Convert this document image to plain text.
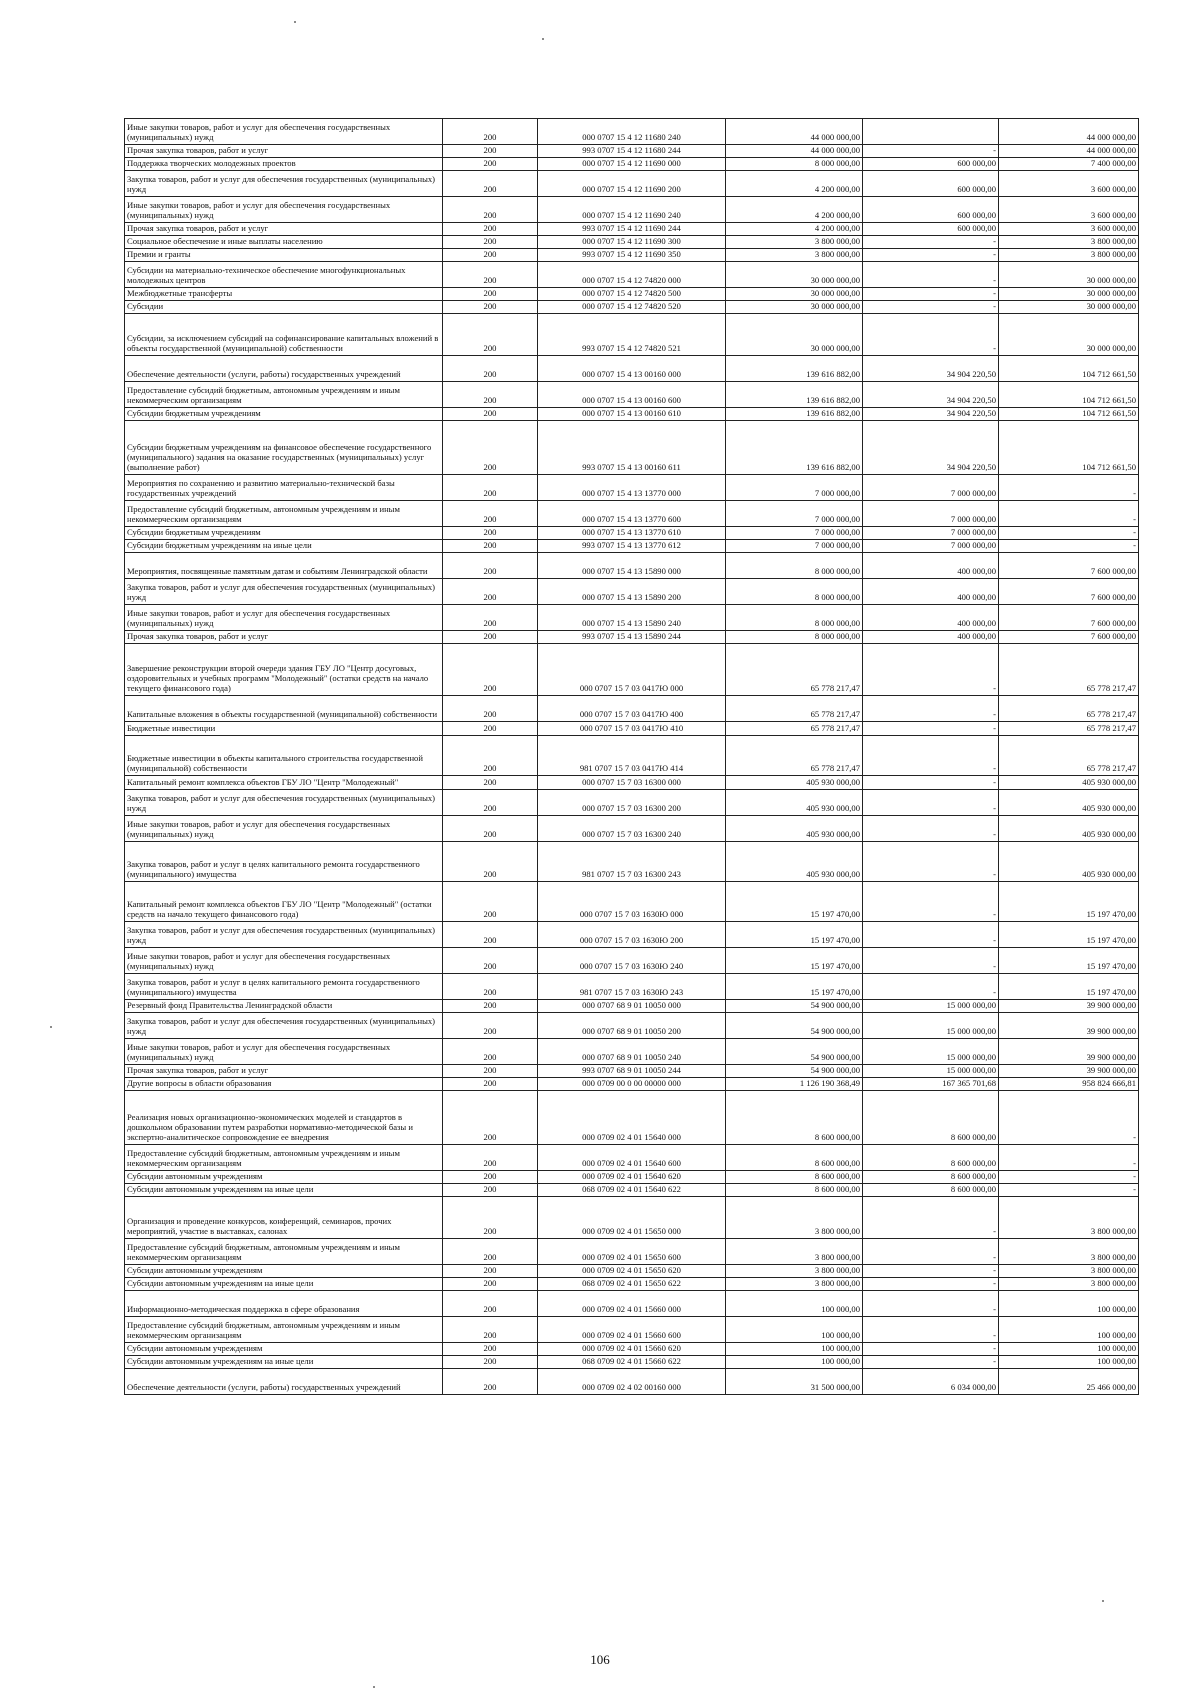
Иные закупки товаров, работ и услуг для обеспечения государственных (муниципальных) нужд	200	000 0707 15 4 12 11680 240	44 000 000,00		44 000 000,00
Прочая закупка товаров, работ и услуг	200	993 0707 15 4 12 11680 244	44 000 000,00	-	44 000 000,00
Поддержка творческих молодежных проектов	200	000 0707 15 4 12 11690 000	8 000 000,00	600 000,00	7 400 000,00
Закупка товаров, работ и услуг для обеспечения государственных (муниципальных) нужд	200	000 0707 15 4 12 11690 200	4 200 000,00	600 000,00	3 600 000,00
Иные закупки товаров, работ и услуг для обеспечения государственных (муниципальных) нужд	200	000 0707 15 4 12 11690 240	4 200 000,00	600 000,00	3 600 000,00
Прочая закупка товаров, работ и услуг	200	993 0707 15 4 12 11690 244	4 200 000,00	600 000,00	3 600 000,00
Социальное обеспечение и иные выплаты населению	200	000 0707 15 4 12 11690 300	3 800 000,00	-	3 800 000,00
Премии и гранты	200	993 0707 15 4 12 11690 350	3 800 000,00	-	3 800 000,00
Субсидии на материально-техническое обеспечение многофункциональных молодежных центров	200	000 0707 15 4 12 74820 000	30 000 000,00	-	30 000 000,00
Межбюджетные трансферты	200	000 0707 15 4 12 74820 500	30 000 000,00	-	30 000 000,00
Субсидии	200	000 0707 15 4 12 74820 520	30 000 000,00	-	30 000 000,00
Субсидии, за исключением субсидий на софинансирование капитальных вложений в объекты государственной (муниципальной) собственности	200	993 0707 15 4 12 74820 521	30 000 000,00	-	30 000 000,00
Обеспечение деятельности (услуги, работы) государственных учреждений	200	000 0707 15 4 13 00160 000	139 616 882,00	34 904 220,50	104 712 661,50
Предоставление субсидий бюджетным, автономным учреждениям и иным некоммерческим организациям	200	000 0707 15 4 13 00160 600	139 616 882,00	34 904 220,50	104 712 661,50
Субсидии бюджетным учреждениям	200	000 0707 15 4 13 00160 610	139 616 882,00	34 904 220,50	104 712 661,50
Субсидии бюджетным учреждениям на финансовое обеспечение государственного (муниципального) задания на оказание государственных (муниципальных) услуг (выполнение работ)	200	993 0707 15 4 13 00160 611	139 616 882,00	34 904 220,50	104 712 661,50
Мероприятия по сохранению и развитию материально-технической базы государственных учреждений	200	000 0707 15 4 13 13770 000	7 000 000,00	7 000 000,00	-
Предоставление субсидий бюджетным, автономным учреждениям и иным некоммерческим организациям	200	000 0707 15 4 13 13770 600	7 000 000,00	7 000 000,00	-
Субсидии бюджетным учреждениям	200	000 0707 15 4 13 13770 610	7 000 000,00	7 000 000,00	-
Субсидии бюджетным учреждениям на иные цели	200	993 0707 15 4 13 13770 612	7 000 000,00	7 000 000,00	-
Мероприятия, посвященные памятным датам и событиям Ленинградской области	200	000 0707 15 4 13 15890 000	8 000 000,00	400 000,00	7 600 000,00
Закупка товаров, работ и услуг для обеспечения государственных (муниципальных) нужд	200	000 0707 15 4 13 15890 200	8 000 000,00	400 000,00	7 600 000,00
Иные закупки товаров, работ и услуг для обеспечения государственных (муниципальных) нужд	200	000 0707 15 4 13 15890 240	8 000 000,00	400 000,00	7 600 000,00
Прочая закупка товаров, работ и услуг	200	993 0707 15 4 13 15890 244	8 000 000,00	400 000,00	7 600 000,00
Завершение реконструкции второй очереди здания ГБУ ЛО "Центр досуговых, оздоровительных и учебных программ "Молодежный" (остатки средств на начало текущего финансового года)	200	000 0707 15 7 03 0417Ю 000	65 778 217,47	-	65 778 217,47
Капитальные вложения в объекты государственной (муниципальной) собственности	200	000 0707 15 7 03 0417Ю 400	65 778 217,47	-	65 778 217,47
Бюджетные инвестиции	200	000 0707 15 7 03 0417Ю 410	65 778 217,47	-	65 778 217,47
Бюджетные инвестиции в объекты капитального строительства государственной (муниципальной) собственности	200	981 0707 15 7 03 0417Ю 414	65 778 217,47	-	65 778 217,47
Капитальный ремонт комплекса объектов ГБУ ЛО "Центр "Молодежный"	200	000 0707 15 7 03 16300 000	405 930 000,00	-	405 930 000,00
Закупка товаров, работ и услуг для обеспечения государственных (муниципальных) нужд	200	000 0707 15 7 03 16300 200	405 930 000,00	-	405 930 000,00
Иные закупки товаров, работ и услуг для обеспечения государственных (муниципальных) нужд	200	000 0707 15 7 03 16300 240	405 930 000,00	-	405 930 000,00
Закупка товаров, работ и услуг в целях капитального ремонта государственного (муниципального) имущества	200	981 0707 15 7 03 16300 243	405 930 000,00	-	405 930 000,00
Капитальный ремонт комплекса объектов ГБУ ЛО "Центр "Молодежный" (остатки средств на начало текущего финансового года)	200	000 0707 15 7 03 1630Ю 000	15 197 470,00	-	15 197 470,00
Закупка товаров, работ и услуг для обеспечения государственных (муниципальных) нужд	200	000 0707 15 7 03 1630Ю 200	15 197 470,00	-	15 197 470,00
Иные закупки товаров, работ и услуг для обеспечения государственных (муниципальных) нужд	200	000 0707 15 7 03 1630Ю 240	15 197 470,00	-	15 197 470,00
Закупка товаров, работ и услуг в целях капитального ремонта государственного (муниципального) имущества	200	981 0707 15 7 03 1630Ю 243	15 197 470,00	-	15 197 470,00
Резервный фонд Правительства Ленинградской области	200	000 0707 68 9 01 10050 000	54 900 000,00	15 000 000,00	39 900 000,00
Закупка товаров, работ и услуг для обеспечения государственных (муниципальных) нужд	200	000 0707 68 9 01 10050 200	54 900 000,00	15 000 000,00	39 900 000,00
Иные закупки товаров, работ и услуг для обеспечения государственных (муниципальных) нужд	200	000 0707 68 9 01 10050 240	54 900 000,00	15 000 000,00	39 900 000,00
Прочая закупка товаров, работ и услуг	200	993 0707 68 9 01 10050 244	54 900 000,00	15 000 000,00	39 900 000,00
Другие вопросы в области образования	200	000 0709 00 0 00 00000 000	1 126 190 368,49	167 365 701,68	958 824 666,81
Реализация новых организационно-экономических моделей и стандартов в дошкольном образовании путем разработки нормативно-методической базы и экспертно-аналитическое сопровождение ее внедрения	200	000 0709 02 4 01 15640 000	8 600 000,00	8 600 000,00	-
Предоставление субсидий бюджетным, автономным учреждениям и иным некоммерческим организациям	200	000 0709 02 4 01 15640 600	8 600 000,00	8 600 000,00	-
Субсидии автономным учреждениям	200	000 0709 02 4 01 15640 620	8 600 000,00	8 600 000,00	-
Субсидии автономным учреждениям на иные цели	200	068 0709 02 4 01 15640 622	8 600 000,00	8 600 000,00	-
Организация и проведение конкурсов, конференций, семинаров, прочих мероприятий, участие в выставках, салонах	200	000 0709 02 4 01 15650 000	3 800 000,00	-	3 800 000,00
Предоставление субсидий бюджетным, автономным учреждениям и иным некоммерческим организациям	200	000 0709 02 4 01 15650 600	3 800 000,00	-	3 800 000,00
Субсидии автономным учреждениям	200	000 0709 02 4 01 15650 620	3 800 000,00	-	3 800 000,00
Субсидии автономным учреждениям на иные цели	200	068 0709 02 4 01 15650 622	3 800 000,00	-	3 800 000,00
Информационно-методическая поддержка в сфере образования	200	000 0709 02 4 01 15660 000	100 000,00	-	100 000,00
Предоставление субсидий бюджетным, автономным учреждениям и иным некоммерческим организациям	200	000 0709 02 4 01 15660 600	100 000,00	-	100 000,00
Субсидии автономным учреждениям	200	000 0709 02 4 01 15660 620	100 000,00	-	100 000,00
Субсидии автономным учреждениям на иные цели	200	068 0709 02 4 01 15660 622	100 000,00	-	100 000,00
Обеспечение деятельности (услуги, работы) государственных учреждений	200	000 0709 02 4 02 00160 000	31 500 000,00	6 034 000,00	25 466 000,00
106
